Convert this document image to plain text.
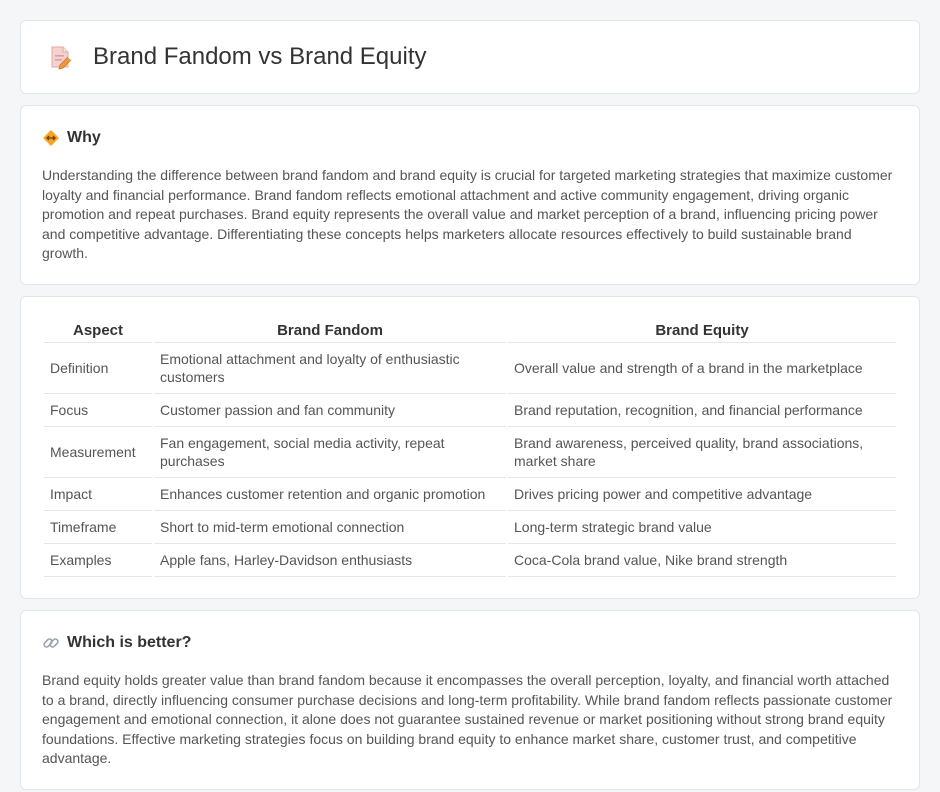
Brand Fandom vs Brand Equity
Why

Understanding the difference between brand fandom and brand equity is crucial for targeted marketing strategies that maximize customer loyalty and financial performance. Brand fandom reflects emotional attachment and active community engagement, driving organic promotion and repeat purchases. Brand equity represents the overall value and market perception of a brand, influencing pricing power and competitive advantage. Differentiating these concepts helps marketers allocate resources effectively to build sustainable brand growth.

Aspect	Brand Fandom	Brand Equity
Definition	Emotional attachment and loyalty of enthusiastic customers	Overall value and strength of a brand in the marketplace
Focus	Customer passion and fan community	Brand reputation, recognition, and financial performance
Measurement	Fan engagement, social media activity, repeat purchases	Brand awareness, perceived quality, brand associations, market share
Impact	Enhances customer retention and organic promotion	Drives pricing power and competitive advantage
Timeframe	Short to mid-term emotional connection	Long-term strategic brand value
Examples	Apple fans, Harley-Davidson enthusiasts	Coca-Cola brand value, Nike brand strength
Which is better?

Brand equity holds greater value than brand fandom because it encompasses the overall perception, loyalty, and financial worth attached to a brand, directly influencing consumer purchase decisions and long-term profitability. While brand fandom reflects passionate customer engagement and emotional connection, it alone does not guarantee sustained revenue or market positioning without strong brand equity foundations. Effective marketing strategies focus on building brand equity to enhance market share, customer trust, and competitive advantage.
